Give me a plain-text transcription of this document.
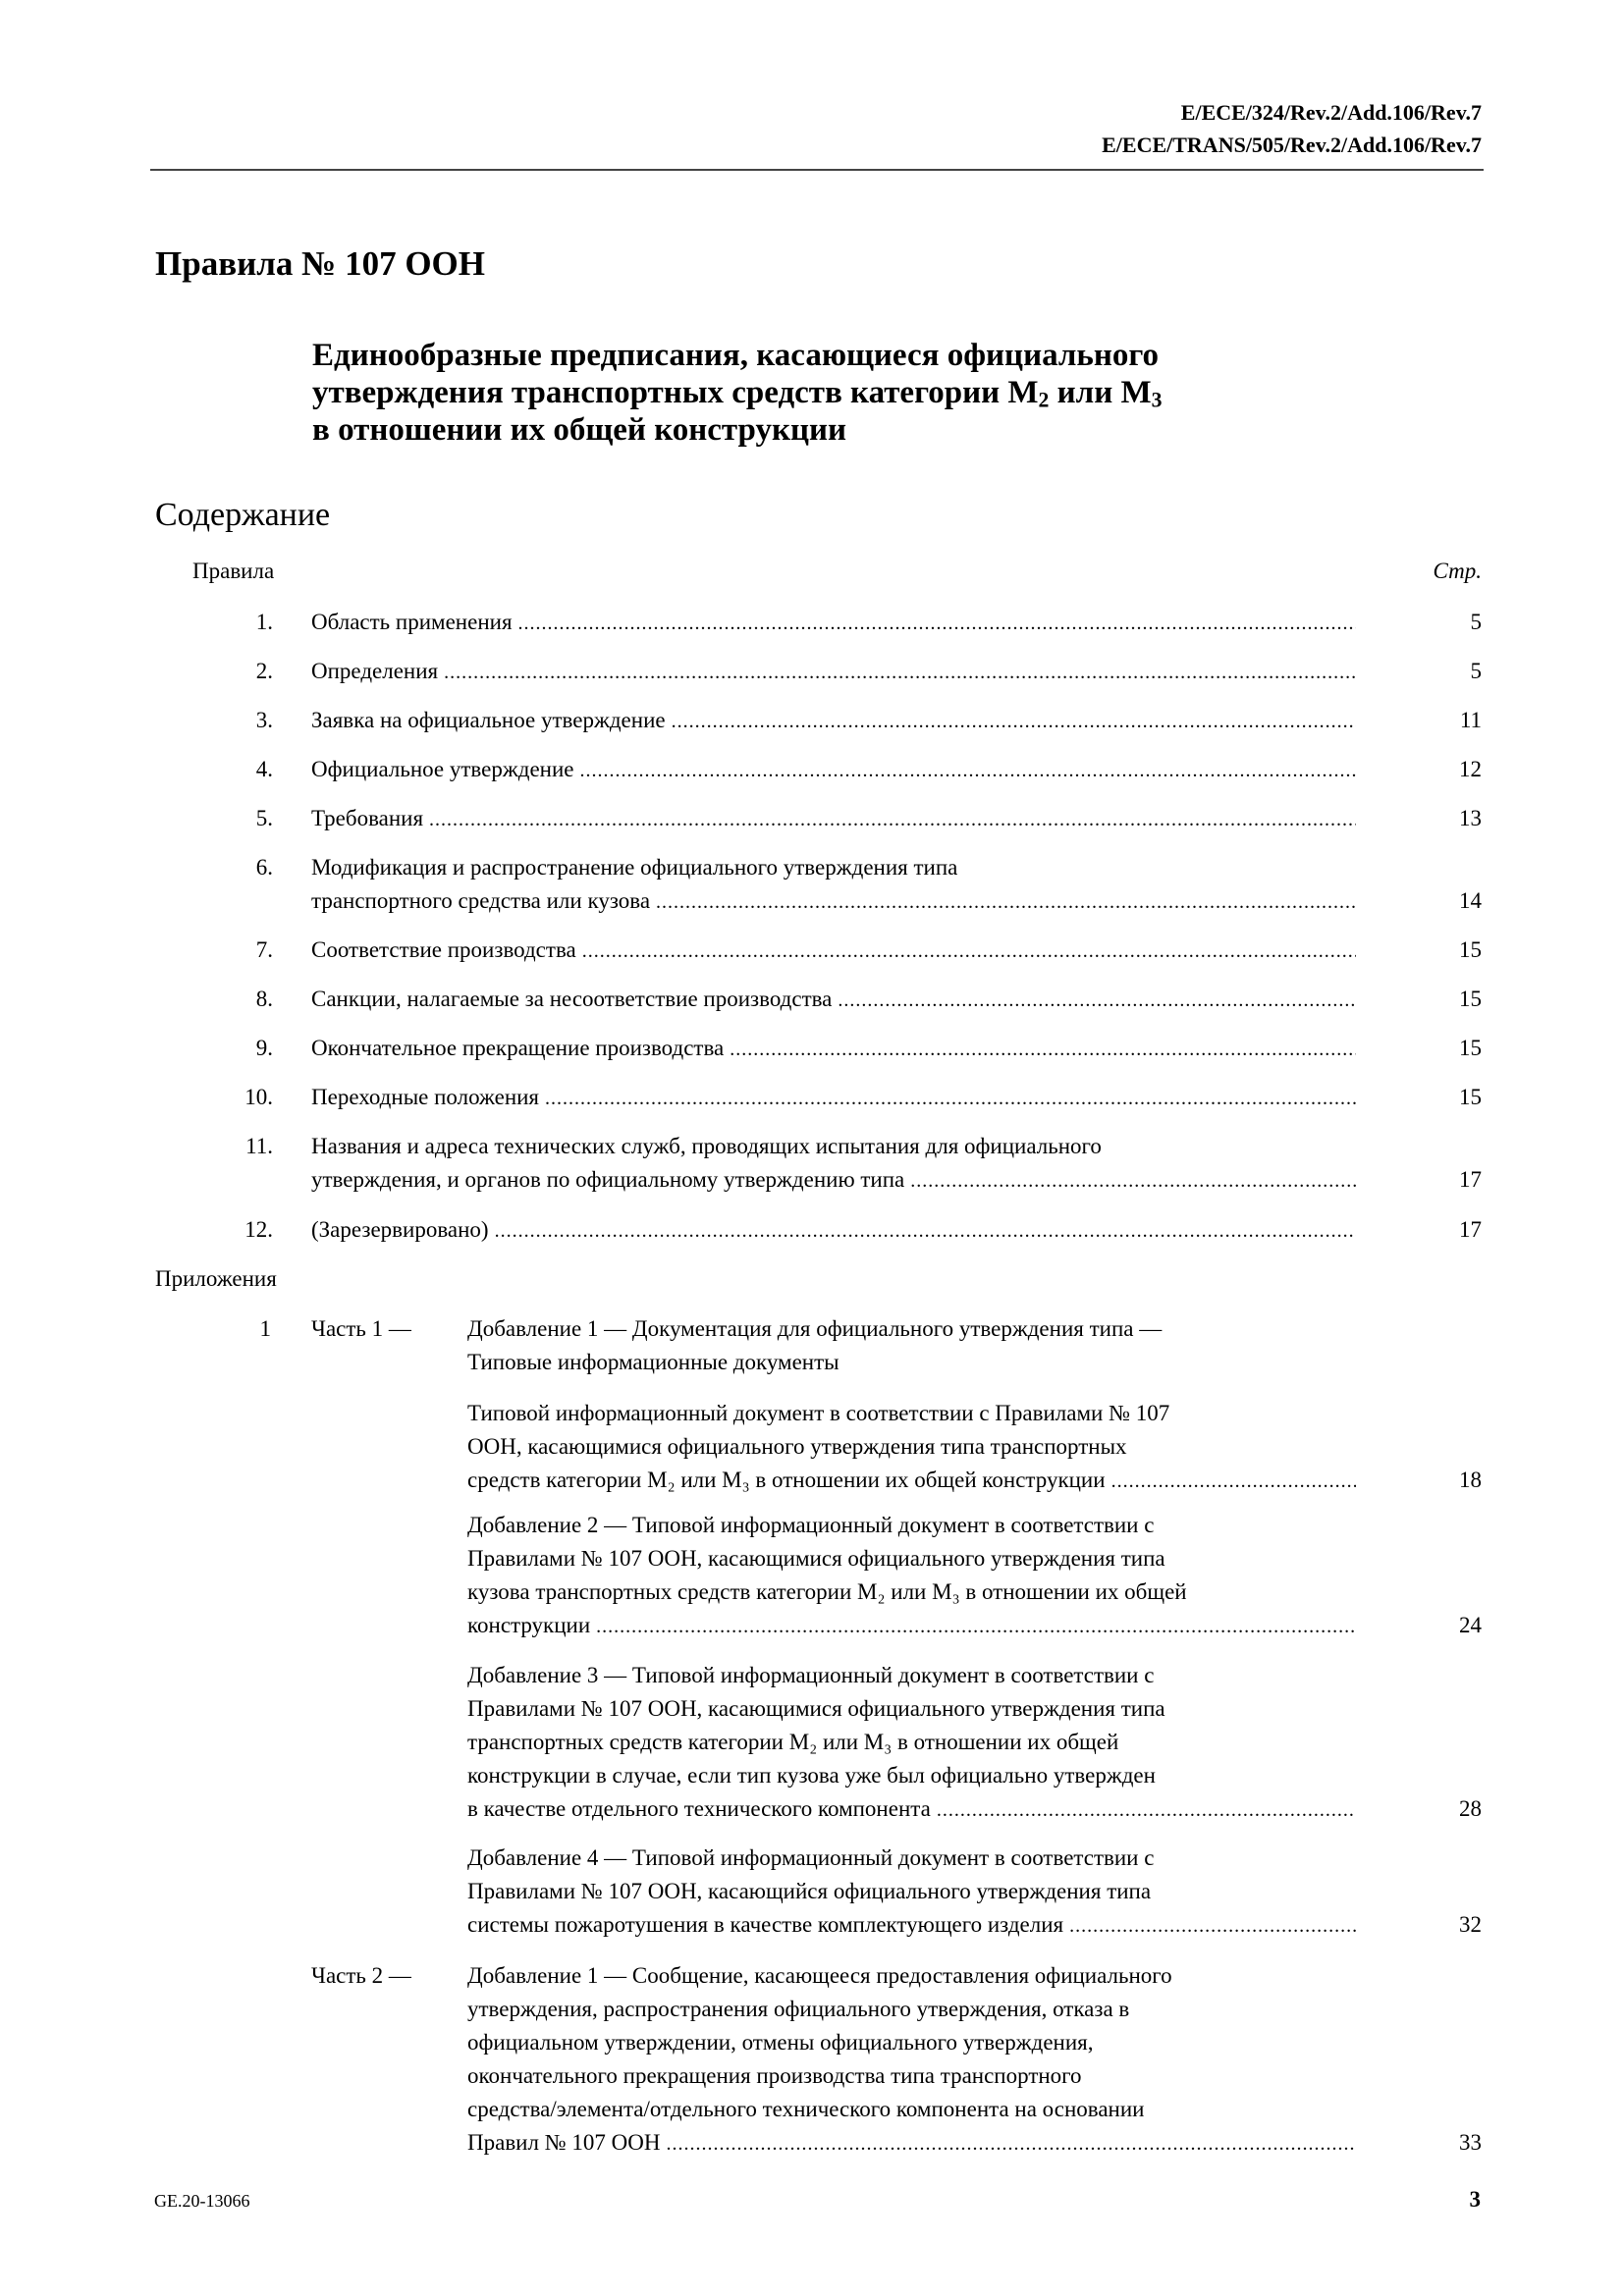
E/ECE/324/Rev.2/Add.106/Rev.7
E/ECE/TRANS/505/Rev.2/Add.106/Rev.7
Правила № 107 ООН
Единообразные предписания, касающиеся официального
утверждения транспортных средств категории $M_2$ или $M_3$
в отношении их общей конструкции
Содержание
Правила	Стр.
1. Область применения .....	5
2. Определения .....	5
3. Заявка на официальное утверждение .....	11
4. Официальное утверждение .....	12
5. Требования .....	13
6. Модификация и распространение официального утверждения типа
транспортного средства или кузова .....	14
7. Соответствие производства .....	15
8. Санкции, налагаемые за несоответствие производства .....	15
9. Окончательное прекращение производства .....	15
10. Переходные положения .....	15
11. Названия и адреса технических служб, проводящих испытания для официального
утверждения, и органов по официальному утверждению типа .....	17
12. (Зарезервировано) .....	17
Приложения
1 Часть 1 — Добавление 1 — Документация для официального утверждения типа —
Типовые информационные документы
Типовой информационный документ в соответствии с Правилами № 107
ООН, касающимися официального утверждения типа транспортных
средств категории M₂ или M₃ в отношении их общей конструкции .....	18
Добавление 2 — Типовой информационный документ в соответствии с
Правилами № 107 ООН, касающимися официального утверждения типа
кузова транспортных средств категории M₂ или M₃ в отношении их общей
конструкции .....	24
Добавление 3 — Типовой информационный документ в соответствии с
Правилами № 107 ООН, касающимися официального утверждения типа
транспортных средств категории M₂ или M₃ в отношении их общей
конструкции в случае, если тип кузова уже был официально утвержден
в качестве отдельного технического компонента .....	28
Добавление 4 — Типовой информационный документ в соответствии с
Правилами № 107 ООН, касающийся официального утверждения типа
системы пожаротушения в качестве комплектующего изделия .....	32
Часть 2 — Добавление 1 — Сообщение, касающееся предоставления официального
утверждения, распространения официального утверждения, отказа в
официальном утверждении, отмены официального утверждения,
окончательного прекращения производства типа транспортного
средства/элемента/отдельного технического компонента на основании
Правил № 107 ООН .....	33
GE.20-13066	3
